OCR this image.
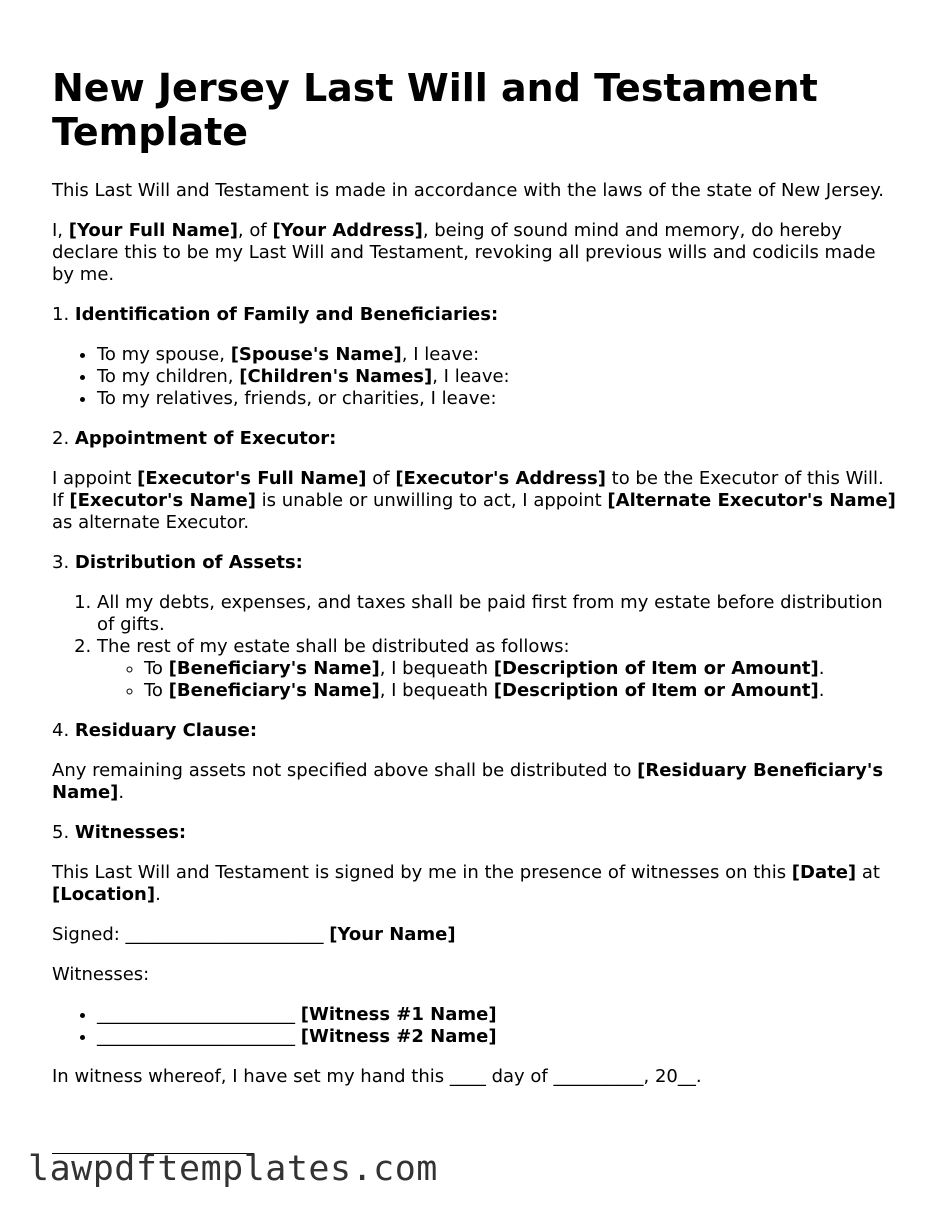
New Jersey Last Will and Testament Template

This Last Will and Testament is made in accordance with the laws of the state of New Jersey.

I, [Your Full Name], of [Your Address], being of sound mind and memory, do hereby declare this to be my Last Will and Testament, revoking all previous wills and codicils made by me.

1. Identification of Family and Beneficiaries:
• To my spouse, [Spouse's Name], I leave:
• To my children, [Children's Names], I leave:
• To my relatives, friends, or charities, I leave:
2. Appointment of Executor:

I appoint [Executor's Full Name] of [Executor's Address] to be the Executor of this Will. If [Executor's Name] is unable or unwilling to act, I appoint [Alternate Executor's Name] as alternate Executor.

3. Distribution of Assets:
1. All my debts, expenses, and taxes shall be paid first from my estate before distribution of gifts.
2. The rest of my estate shall be distributed as follows:
◦ To [Beneficiary's Name], I bequeath [Description of Item or Amount].
◦ To [Beneficiary's Name], I bequeath [Description of Item or Amount].
4. Residuary Clause:

Any remaining assets not specified above shall be distributed to [Residuary Beneficiary's Name].

5. Witnesses:

This Last Will and Testament is signed by me in the presence of witnesses on this [Date] at [Location].

Signed: ______________________ [Your Name]

Witnesses:

• ______________________ [Witness #1 Name]
• ______________________ [Witness #2 Name]

In witness whereof, I have set my hand this ____ day of __________, 20__.

lawpdftemplates.com
